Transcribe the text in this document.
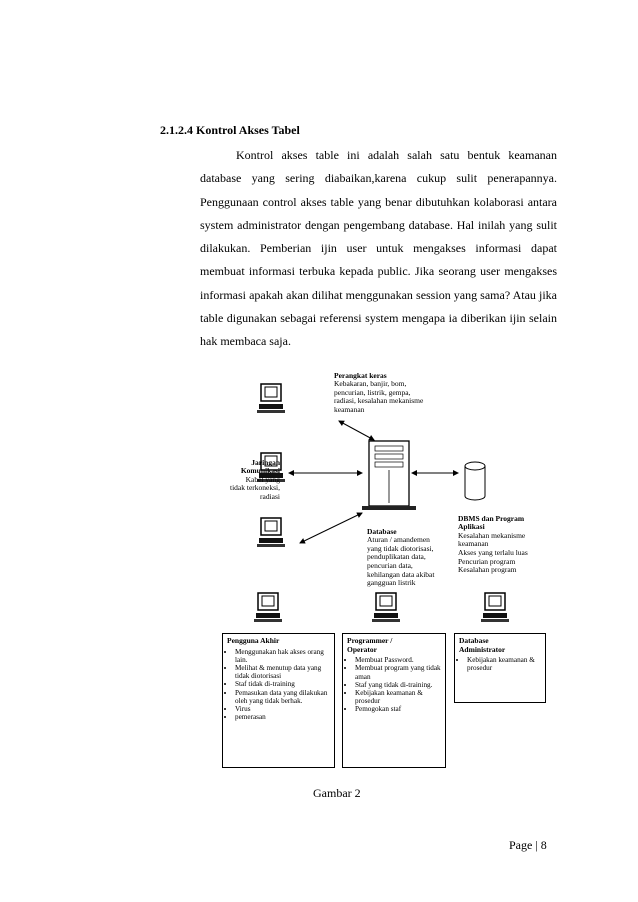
2.1.2.4 Kontrol Akses Tabel
Kontrol akses table ini adalah salah satu bentuk keamanan database yang sering diabaikan,karena cukup sulit penerapannya. Penggunaan control akses table yang benar dibutuhkan kolaborasi antara system administrator dengan pengembang database. Hal inilah yang sulit dilakukan. Pemberian ijin user untuk mengakses informasi dapat membuat informasi terbuka kepada public. Jika seorang user mengakses informasi apakah akan dilihat menggunakan session yang sama? Atau jika table digunakan sebagai referensi system mengapa ia diberikan ijin selain hak membaca saja.

Perangkat keras
Kebakaran, banjir, bom,
pencurian, listrik, gempa,
radiasi, kesalahan mekanisme
keamanan

Jaringan
Komunikasi
Kabel yang
tidak terkoneksi,
radiasi

Database
Aturan / amandemen
yang tidak diotorisasi,
penduplikatan data,
pencurian data,
kehilangan data akibat
gangguan listrik

DBMS dan Program
Aplikasi
Kesalahan mekanisme
keamanan
Akses yang terlalu luas
Pencurian program
Kesalahan program

Pengguna Akhir
• Menggunakan hak akses orang lain.
• Melihat & menutup data yang tidak diotorisasi
• Staf tidak di-training
• Pemasukan data yang dilakukan oleh yang tidak berhak.
• Virus
• pemerasan
Programmer /
Operator
• Membuat Password.
• Membuat program yang tidak aman
• Staf yang tidak di-training.
• Kebijakan keamanan & prosedur
• Pemogokan staf
Database
Administrator
• Kebijakan keamanan & prosedur
Gambar 2
Page | 8
